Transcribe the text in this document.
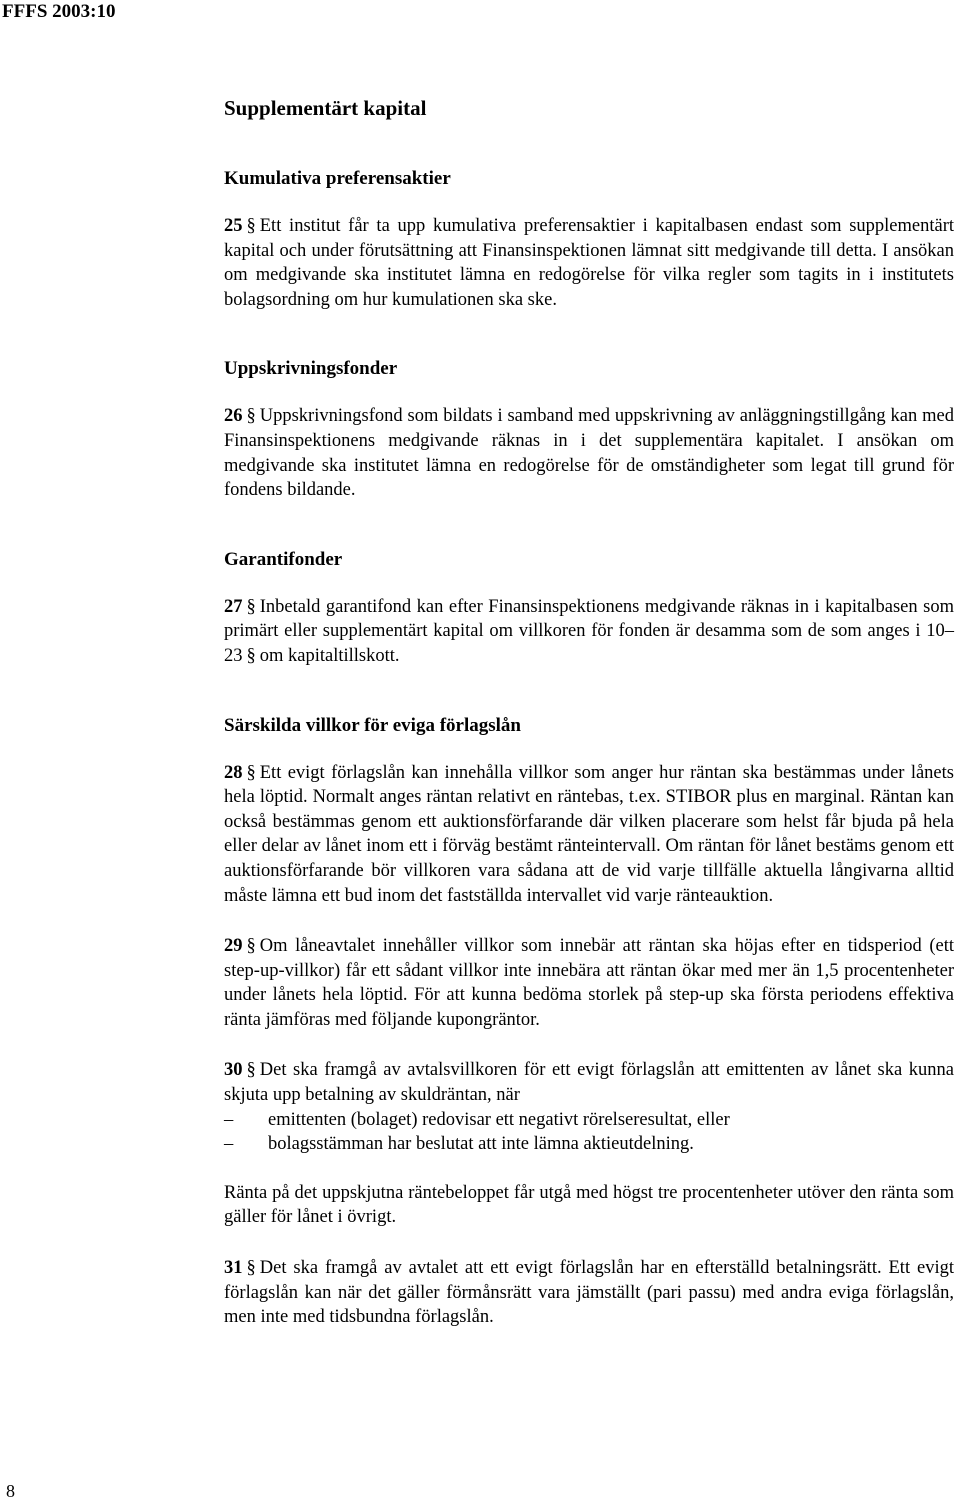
FFFS 2003:10
Supplementärt kapital
Kumulativa preferensaktier

25 § Ett institut får ta upp kumulativa preferensaktier i kapitalbasen endast som supplementärt kapital och under förutsättning att Finansinspektionen lämnat sitt medgivande till detta. I ansökan om medgivande ska institutet lämna en redogörelse för vilka regler som tagits in i institutets bolagsordning om hur kumulationen ska ske.

Uppskrivningsfonder

26 § Uppskrivningsfond som bildats i samband med uppskrivning av anläggningstillgång kan med Finansinspektionens medgivande räknas in i det supplementära kapitalet. I ansökan om medgivande ska institutet lämna en redogörelse för de omständigheter som legat till grund för fondens bildande.

Garantifonder

27 § Inbetald garantifond kan efter Finansinspektionens medgivande räknas in i kapitalbasen som primärt eller supplementärt kapital om villkoren för fonden är desamma som de som anges i 10–23 § om kapitaltillskott.

Särskilda villkor för eviga förlagslån

28 § Ett evigt förlagslån kan innehålla villkor som anger hur räntan ska bestämmas under lånets hela löptid. Normalt anges räntan relativt en räntebas, t.ex. STIBOR plus en marginal. Räntan kan också bestämmas genom ett auktionsförfarande där vilken placerare som helst får bjuda på hela eller delar av lånet inom ett i förväg bestämt ränteintervall. Om räntan för lånet bestäms genom ett auktionsförfarande bör villkoren vara sådana att de vid varje tillfälle aktuella långivarna alltid måste lämna ett bud inom det fastställda intervallet vid varje ränteauktion.

29 § Om låneavtalet innehåller villkor som innebär att räntan ska höjas efter en tidsperiod (ett step-up-villkor) får ett sådant villkor inte innebära att räntan ökar med mer än 1,5 procentenheter under lånets hela löptid. För att kunna bedöma storlek på step-up ska första periodens effektiva ränta jämföras med följande kupongräntor.

30 § Det ska framgå av avtalsvillkoren för ett evigt förlagslån att emittenten av lånet ska kunna skjuta upp betalning av skuldräntan, när

– emittenten (bolaget) redovisar ett negativt rörelseresultat, eller

– bolagsstämman har beslutat att inte lämna aktieutdelning.

Ränta på det uppskjutna räntebeloppet får utgå med högst tre procentenheter utöver den ränta som gäller för lånet i övrigt.

31 § Det ska framgå av avtalet att ett evigt förlagslån har en efterställd betalningsrätt. Ett evigt förlagslån kan när det gäller förmånsrätt vara jämställt (pari passu) med andra eviga förlagslån, men inte med tidsbundna förlagslån.

8
